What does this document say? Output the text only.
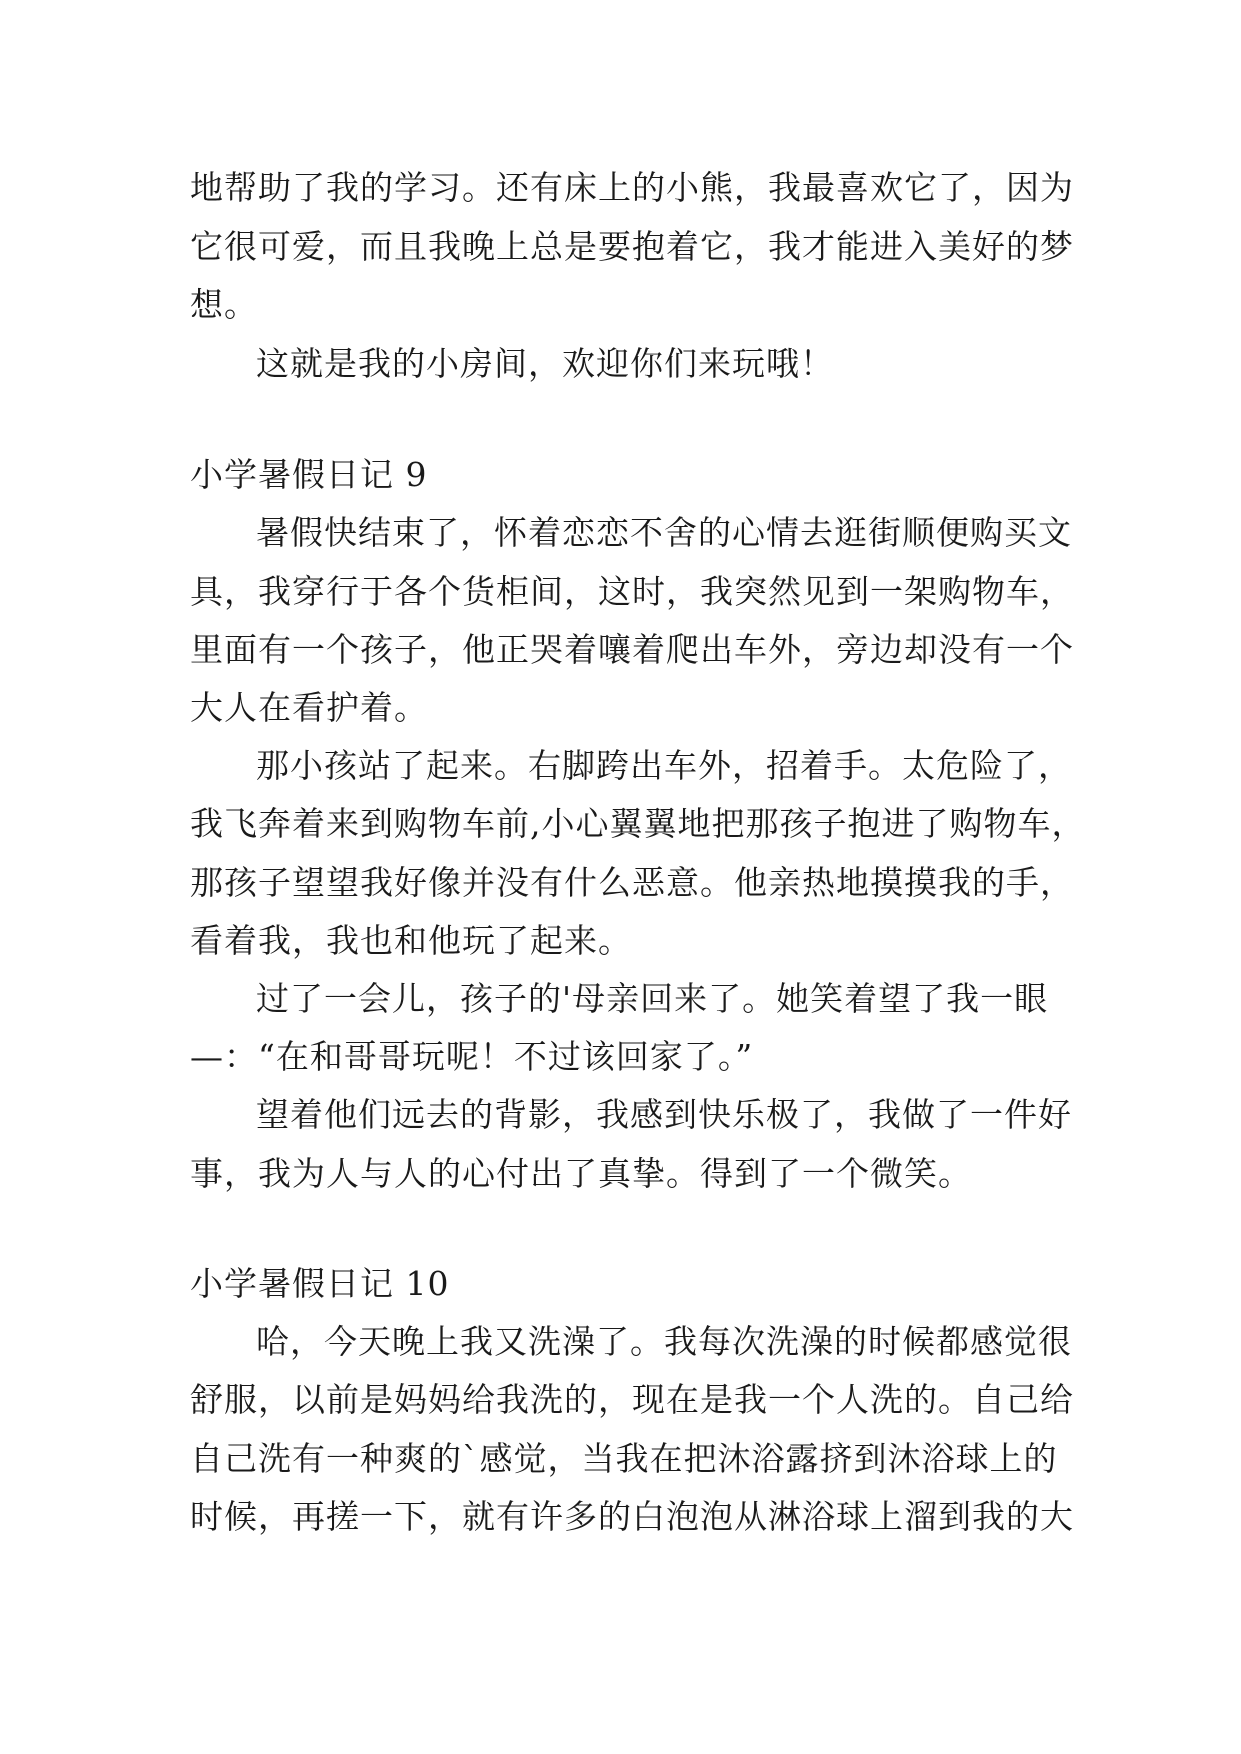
地帮助了我的学习。还有床上的小熊，我最喜欢它了，因为
它很可爱，而且我晚上总是要抱着它，我才能进入美好的梦
想。
这就是我的小房间，欢迎你们来玩哦！
小学暑假日记 9
暑假快结束了，怀着恋恋不舍的心情去逛街顺便购买文
具，我穿行于各个货柜间，这时，我突然见到一架购物车，
里面有一个孩子，他正哭着嚷着爬出车外，旁边却没有一个
大人在看护着。
那小孩站了起来。右脚跨出车外，招着手。太危险了，
我飞奔着来到购物车前,小心翼翼地把那孩子抱进了购物车，
那孩子望望我好像并没有什么恶意。他亲热地摸摸我的手，
看着我，我也和他玩了起来。
过了一会儿，孩子的'母亲回来了。她笑着望了我一眼
—：“在和哥哥玩呢！不过该回家了。”
望着他们远去的背影，我感到快乐极了，我做了一件好
事，我为人与人的心付出了真挚。得到了一个微笑。
小学暑假日记 10
哈，今天晚上我又洗澡了。我每次洗澡的时候都感觉很
舒服，以前是妈妈给我洗的，现在是我一个人洗的。自己给
自己洗有一种爽的`感觉，当我在把沐浴露挤到沐浴球上的
时候，再搓一下，就有许多的白泡泡从淋浴球上溜到我的大
